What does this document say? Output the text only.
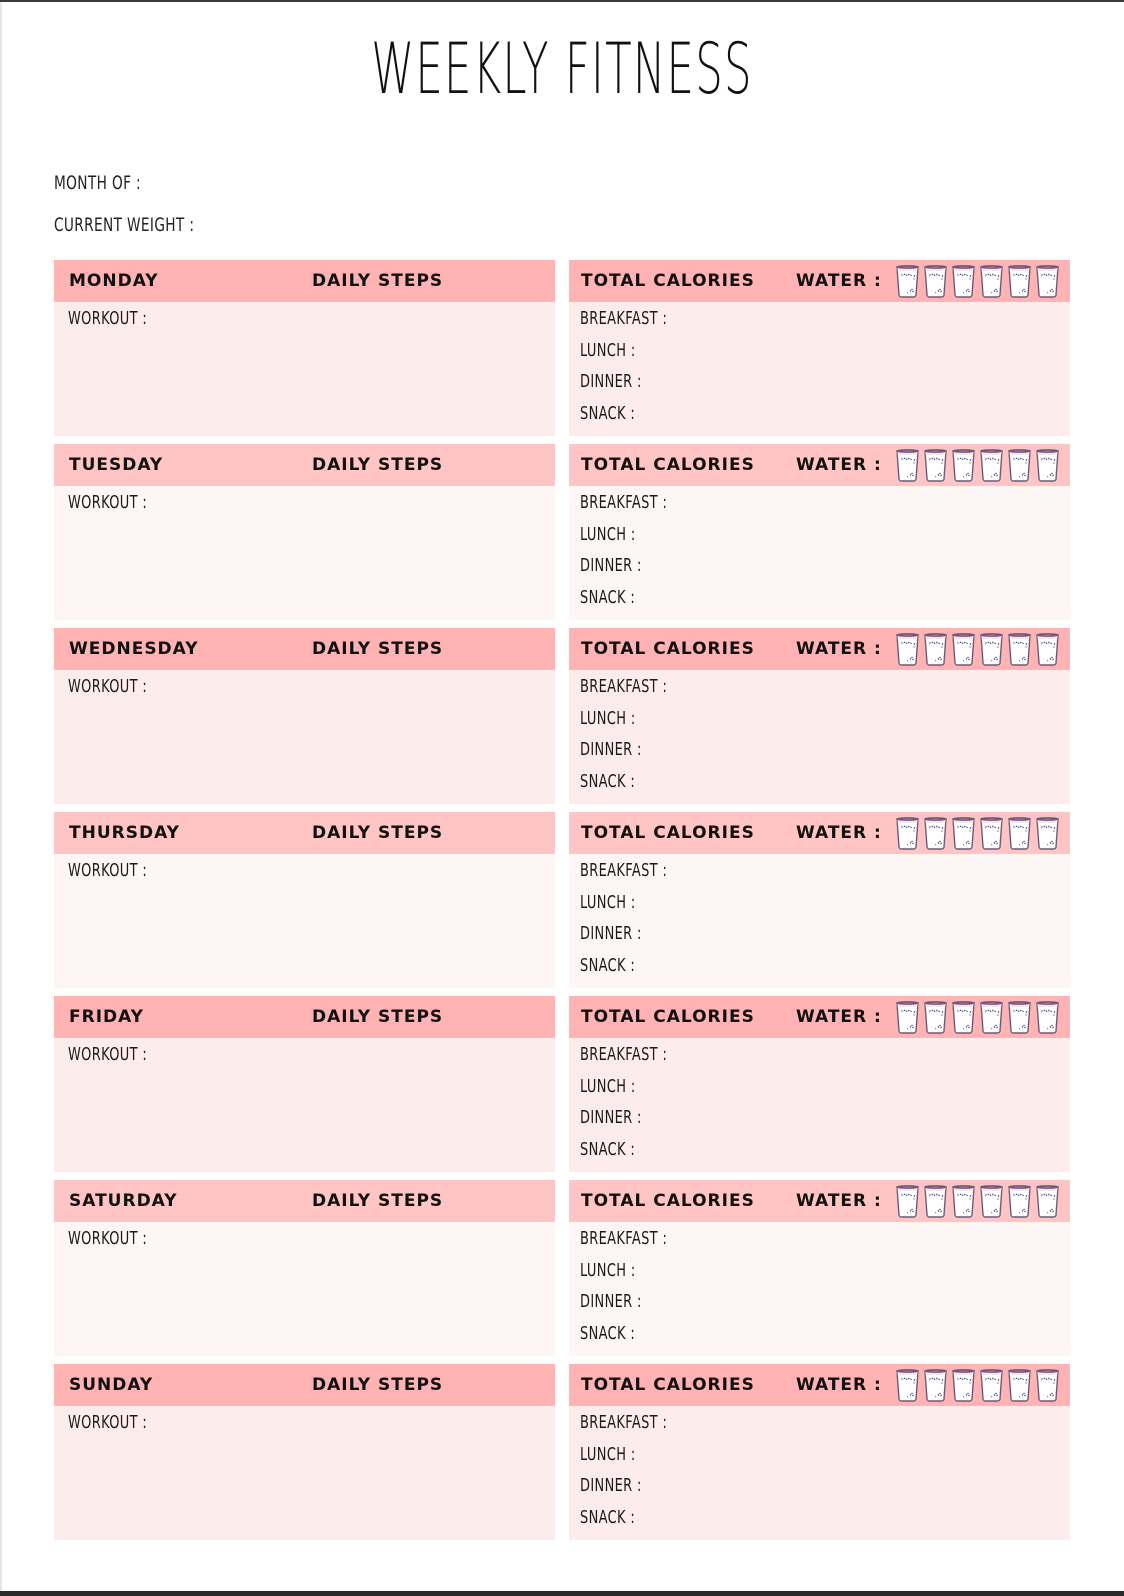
WEEKLY FITNESS
MONTH OF :
CURRENT WEIGHT :
MONDAY	DAILY STEPS
WORKOUT :
TOTAL CALORIES WATER :
BREAKFAST :
LUNCH :
DINNER :
SNACK :
TUESDAY	DAILY STEPS
WORKOUT :
TOTAL CALORIES WATER :
BREAKFAST :
LUNCH :
DINNER :
SNACK :
WEDNESDAY	DAILY STEPS
WORKOUT :
TOTAL CALORIES WATER :
BREAKFAST :
LUNCH :
DINNER :
SNACK :
THURSDAY	DAILY STEPS
WORKOUT :
TOTAL CALORIES WATER :
BREAKFAST :
LUNCH :
DINNER :
SNACK :
FRIDAY	DAILY STEPS
WORKOUT :
TOTAL CALORIES WATER :
BREAKFAST :
LUNCH :
DINNER :
SNACK :
SATURDAY	DAILY STEPS
WORKOUT :
TOTAL CALORIES WATER :
BREAKFAST :
LUNCH :
DINNER :
SNACK :
SUNDAY	DAILY STEPS
WORKOUT :
TOTAL CALORIES WATER :
BREAKFAST :
LUNCH :
DINNER :
SNACK :
